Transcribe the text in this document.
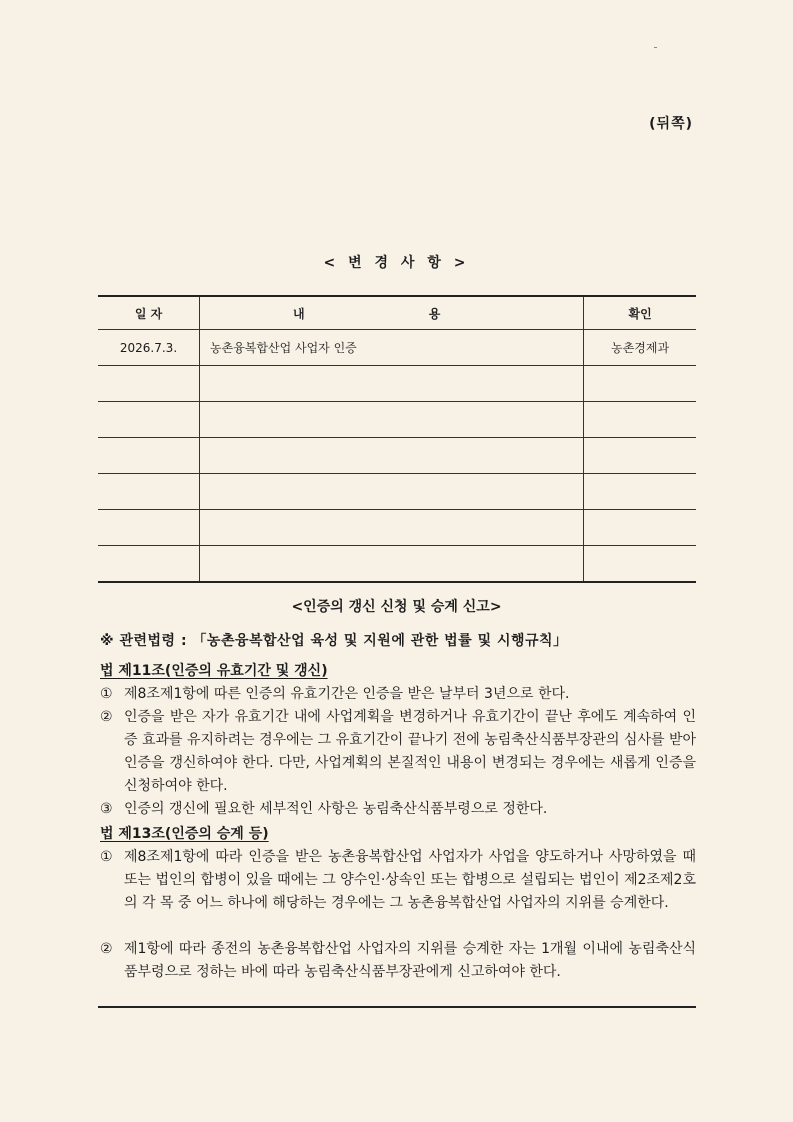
(뒤쪽)
< 변 경 사 항 >
일 자	내 용	확인
2026.7.3.	농촌융복합산업 사업자 인증	농촌경제과

<인증의 갱신 신청 및 승계 신고>
※ 관련법령 : 「농촌융복합산업 육성 및 지원에 관한 법률 및 시행규칙」
법 제11조(인증의 유효기간 및 갱신)
① 제8조제1항에 따른 인증의 유효기간은 인증을 받은 날부터 3년으로 한다.
② 인증을 받은 자가 유효기간 내에 사업계획을 변경하거나 유효기간이 끝난 후에도 계속하여 인증 효과를 유지하려는 경우에는 그 유효기간이 끝나기 전에 농림축산식품부장관의 심사를 받아 인증을 갱신하여야 한다. 다만, 사업계획의 본질적인 내용이 변경되는 경우에는 새롭게 인증을 신청하여야 한다.
③ 인증의 갱신에 필요한 세부적인 사항은 농림축산식품부령으로 정한다.
법 제13조(인증의 승계 등)
① 제8조제1항에 따라 인증을 받은 농촌융복합산업 사업자가 사업을 양도하거나 사망하였을 때 또는 법인의 합병이 있을 때에는 그 양수인·상속인 또는 합병으로 설립되는 법인이 제2조제2호의 각 목 중 어느 하나에 해당하는 경우에는 그 농촌융복합산업 사업자의 지위를 승계한다.
② 제1항에 따라 종전의 농촌융복합산업 사업자의 지위를 승계한 자는 1개월 이내에 농림축산식품부령으로 정하는 바에 따라 농림축산식품부장관에게 신고하여야 한다.
